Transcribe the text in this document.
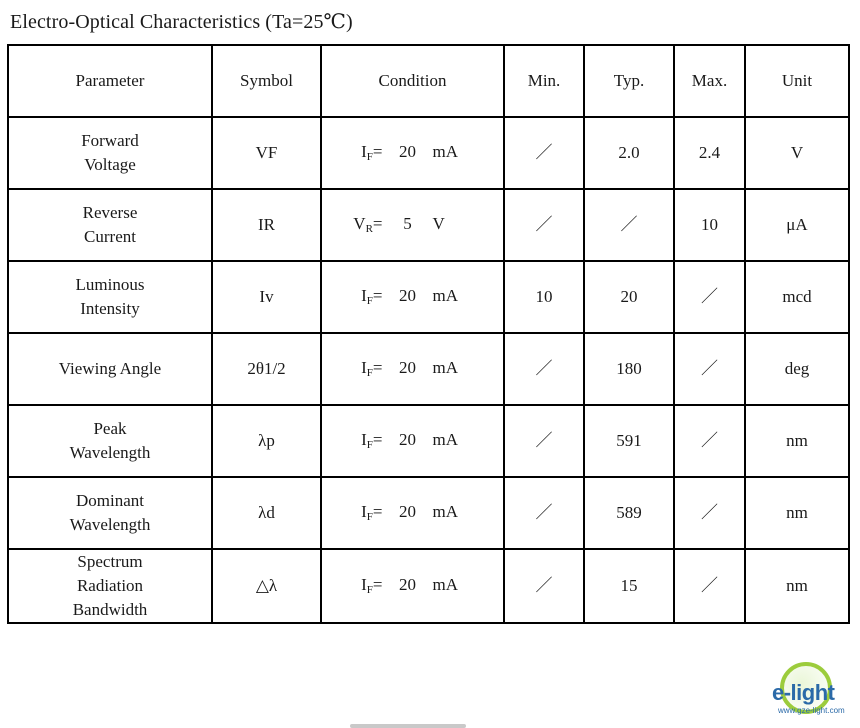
Electro-Optical Characteristics (Ta=25℃)
Parameter	Symbol	Condition	Min.	Typ.	Max.	Unit
Forward
Voltage	VF	IF= 20 mA	／	2.0	2.4	V
Reverse
Current	IR	VR= 5 V	／	／	10	μA
Luminous
Intensity	Iv	IF= 20 mA	10	20	／	mcd
Viewing Angle	2θ1/2	IF= 20 mA	／	180	／	deg
Peak
Wavelength	λp	IF= 20 mA	／	591	／	nm
Dominant
Wavelength	λd	IF= 20 mA	／	589	／	nm
Spectrum
Radiation
Bandwidth	△λ	IF= 20 mA	／	15	／	nm
e-light
www.gze-light.com
